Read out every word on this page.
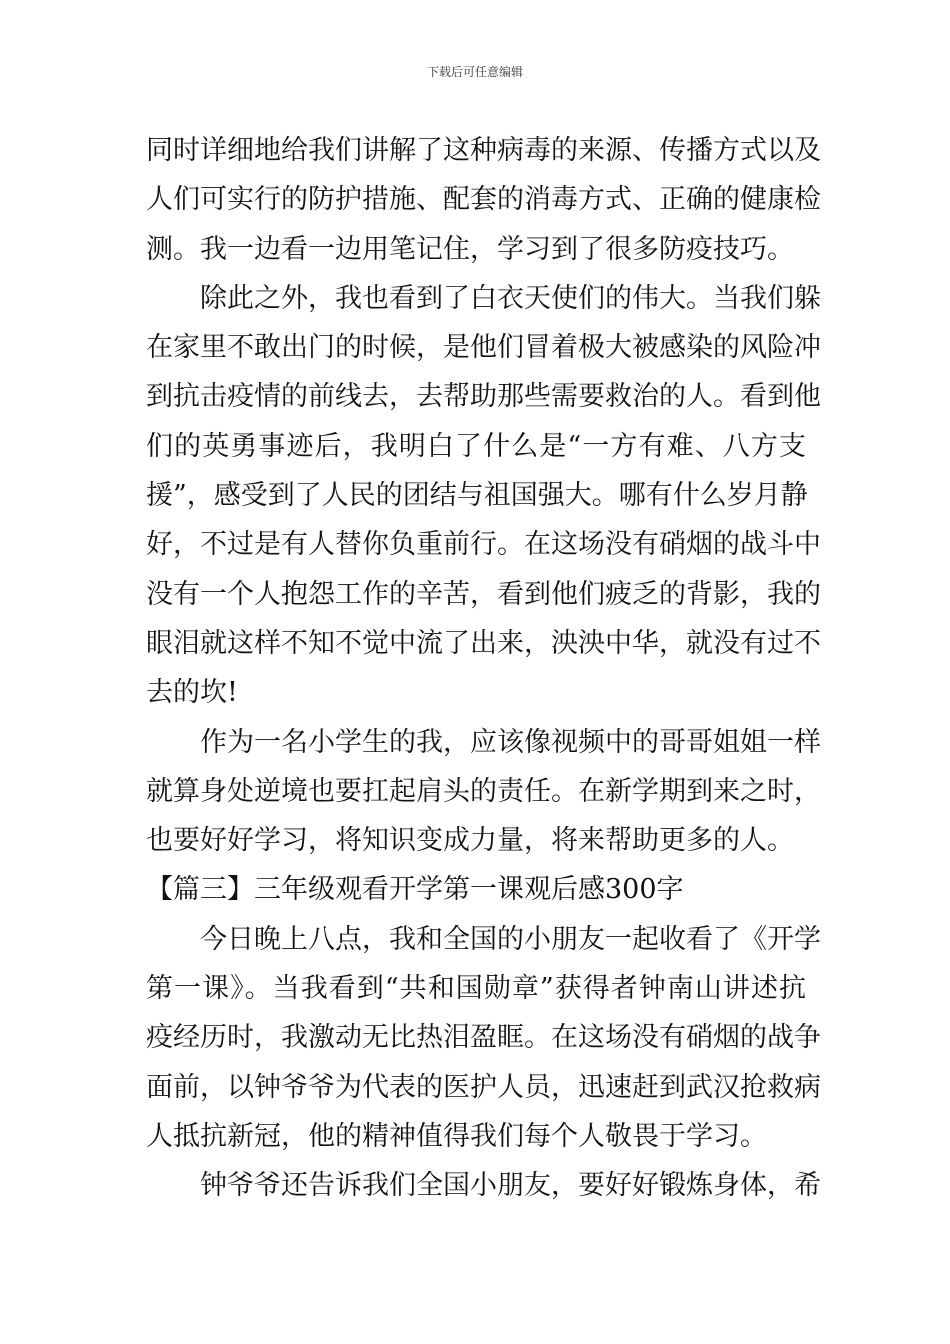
下载后可任意编辑
同时详细地给我们讲解了这种病毒的来源、传播方式以及
人们可实行的防护措施、配套的消毒方式、正确的健康检
测。我一边看一边用笔记住，学习到了很多防疫技巧。
除此之外，我也看到了白衣天使们的伟大。当我们躲
在家里不敢出门的时候，是他们冒着极大被感染的风险冲
到抗击疫情的前线去，去帮助那些需要救治的人。看到他
们的英勇事迹后，我明白了什么是“一方有难、八方支
援”，感受到了人民的团结与祖国强大。哪有什么岁月静
好，不过是有人替你负重前行。在这场没有硝烟的战斗中
没有一个人抱怨工作的辛苦，看到他们疲乏的背影，我的
眼泪就这样不知不觉中流了出来，泱泱中华，就没有过不
去的坎!
作为一名小学生的我，应该像视频中的哥哥姐姐一样
就算身处逆境也要扛起肩头的责任。在新学期到来之时，
也要好好学习，将知识变成力量，将来帮助更多的人。
【篇三】三年级观看开学第一课观后感300字
今日晚上八点，我和全国的小朋友一起收看了《开学
第一课》。当我看到“共和国勋章”获得者钟南山讲述抗
疫经历时，我激动无比热泪盈眶。在这场没有硝烟的战争
面前，以钟爷爷为代表的医护人员，迅速赶到武汉抢救病
人抵抗新冠，他的精神值得我们每个人敬畏于学习。
钟爷爷还告诉我们全国小朋友，要好好锻炼身体，希
